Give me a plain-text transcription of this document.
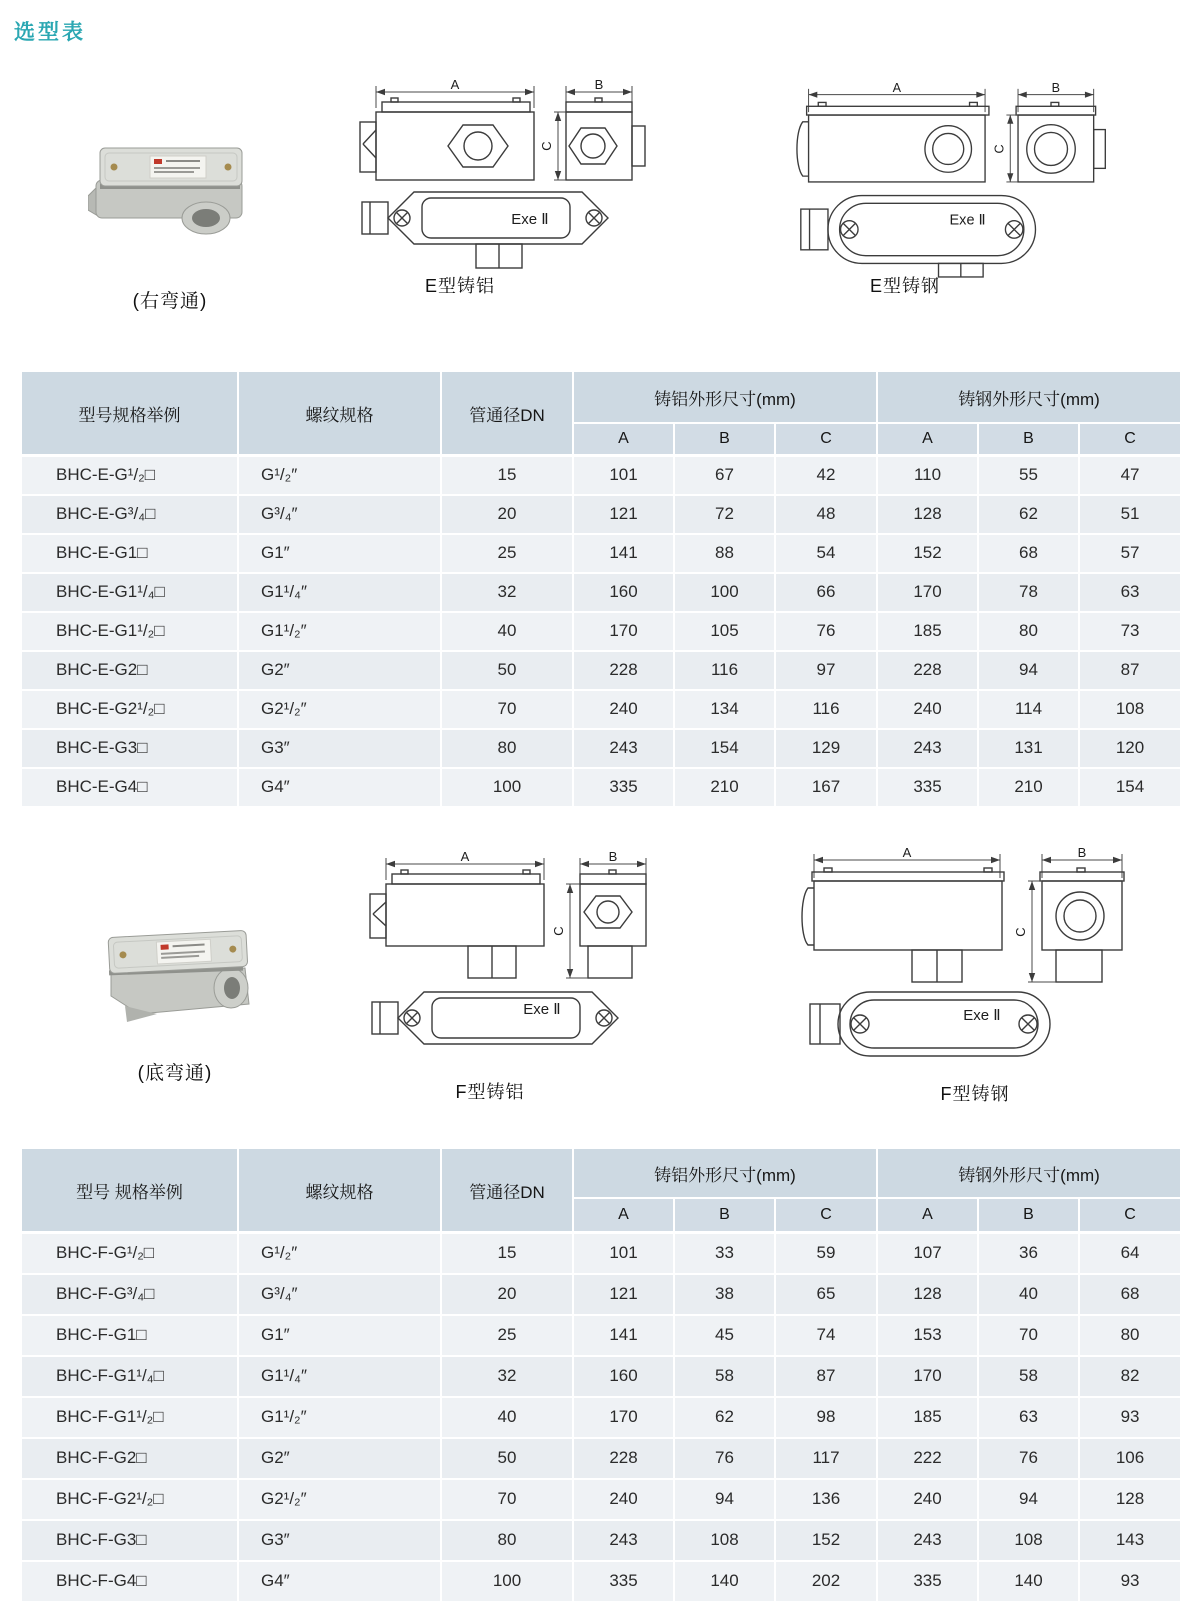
选型表
(右弯通)
A	B
C
Exe Ⅱ
E型铸铝
A	B
C
Exe Ⅱ
E型铸钢
型号规格举例	螺纹规格	管通径DN	铸铝外形尺寸(mm)			铸钢外形尺寸(mm)		
			A	B	C	A	B	C
BHC-E-G¹/₂□	G¹/₂″	15	101	67	42	110	55	47
BHC-E-G³/₄□	G³/₄″	20	121	72	48	128	62	51
BHC-E-G1□	G1″	25	141	88	54	152	68	57
BHC-E-G1¹/₄□	G1¹/₄″	32	160	100	66	170	78	63
BHC-E-G1¹/₂□	G1¹/₂″	40	170	105	76	185	80	73
BHC-E-G2□	G2″	50	228	116	97	228	94	87
BHC-E-G2¹/₂□	G2¹/₂″	70	240	134	116	240	114	108
BHC-E-G3□	G3″	80	243	154	129	243	131	120
BHC-E-G4□	G4″	100	335	210	167	335	210	154
(底弯通)
A	B
C
Exe Ⅱ
F型铸铝
A	B
C
Exe Ⅱ
F型铸钢
型号 规格举例	螺纹规格	管通径DN	铸铝外形尺寸(mm)			铸钢外形尺寸(mm)		
			A	B	C	A	B	C
BHC-F-G¹/₂□	G¹/₂″	15	101	33	59	107	36	64
BHC-F-G³/₄□	G³/₄″	20	121	38	65	128	40	68
BHC-F-G1□	G1″	25	141	45	74	153	70	80
BHC-F-G1¹/₄□	G1¹/₄″	32	160	58	87	170	58	82
BHC-F-G1¹/₂□	G1¹/₂″	40	170	62	98	185	63	93
BHC-F-G2□	G2″	50	228	76	117	222	76	106
BHC-F-G2¹/₂□	G2¹/₂″	70	240	94	136	240	94	128
BHC-F-G3□	G3″	80	243	108	152	243	108	143
BHC-F-G4□	G4″	100	335	140	202	335	140	93
